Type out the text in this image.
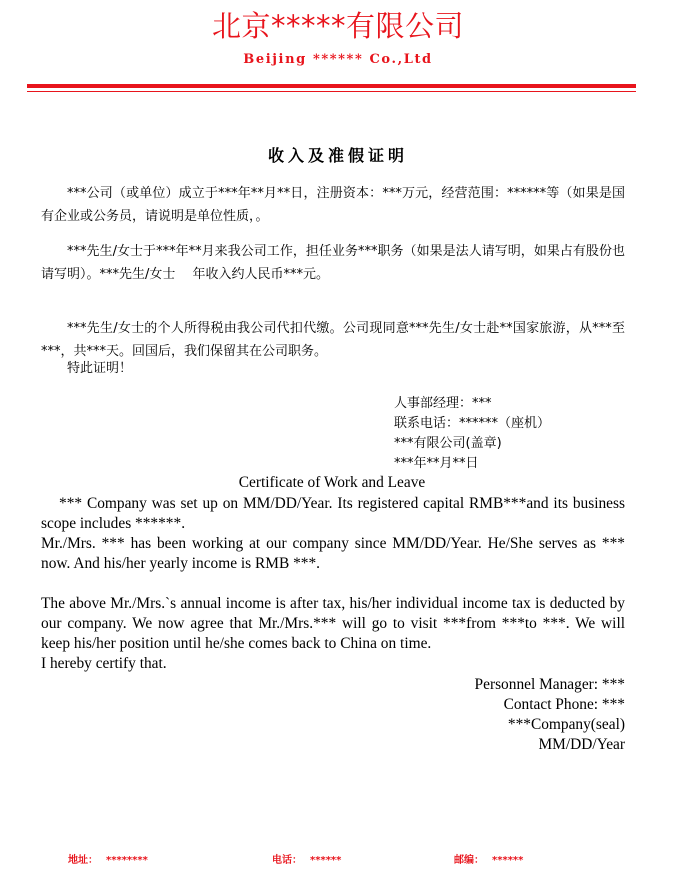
北京*****有限公司
Beijing ****** Co.,Ltd
收入及准假证明
***公司（或单位）成立于***年**月**日，注册资本：***万元，经营范围：******等（如果是国有企业或公务员，请说明是单位性质，。
***先生/女士于***年**月来我公司工作，担任业务***职务（如果是法人请写明，如果占有股份也请写明）。***先生/女士　 年收入约人民币***元。
***先生/女士的个人所得税由我公司代扣代缴。公司现同意***先生/女士赴**国家旅游，从***至***，共***天。回国后，我们保留其在公司职务。
特此证明！
人事部经理：***
联系电话：******（座机）
***有限公司(盖章)
***年**月**日
Certificate of Work and Leave
*** Company was set up on MM/DD/Year. Its registered capital RMB***and its business scope includes ******.
Mr./Mrs. *** has been working at our company since MM/DD/Year. He/She serves as *** now. And his/her yearly income is RMB ***.
The above Mr./Mrs.`s annual income is after tax, his/her individual income tax is deducted by our company. We now agree that Mr./Mrs.*** will go to visit ***from ***to ***. We will keep his/her position until he/she comes back to China on time.
I hereby certify that.
Personnel Manager: ***
Contact Phone: ***
***Company(seal)
MM/DD/Year
地址： ********	电话： ******	邮编： ******
